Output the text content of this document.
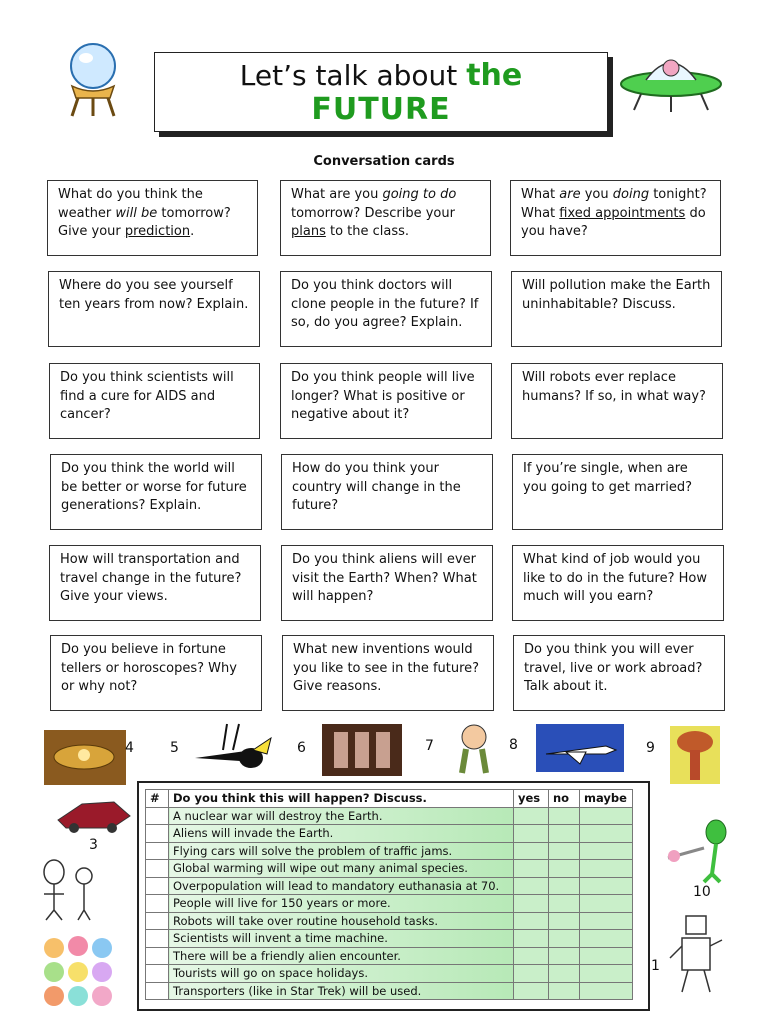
Let’s talk about the
FUTURE
Conversation cards
4	5	6	7	8	9
3
10
1
What do you think the weather will be tomorrow? Give your prediction.
What are you going to do tomorrow? Describe your plans to the class.
What are you doing tonight? What fixed appointments do you have?
Where do you see yourself ten years from now? Explain.
Do you think doctors will clone people in the future? If so, do you agree? Explain.
Will pollution make the Earth uninhabitable? Discuss.
Do you think scientists will find a cure for AIDS and cancer?
Do you think people will live longer? What is positive or negative about it?
Will robots ever replace humans? If so, in what way?
Do you think the world will be better or worse for future generations? Explain.
How do you think your country will change in the future?
If you’re single, when are you going to get married?
How will transportation and travel change in the future? Give your views.
Do you think aliens will ever visit the Earth? When? What will happen?
What kind of job would you like to do in the future? How much will you earn?
Do you believe in fortune tellers or horoscopes? Why or why not?
What new inventions would you like to see in the future? Give reasons.
Do you think you will ever travel, live or work abroad? Talk about it.
#	Do you think this will happen? Discuss.	yes	no	maybe
	A nuclear war will destroy the Earth.			
	Aliens will invade the Earth.			
	Flying cars will solve the problem of traffic jams.			
	Global warming will wipe out many animal species.			
	Overpopulation will lead to mandatory euthanasia at 70.			
	People will live for 150 years or more.			
	Robots will take over routine household tasks.			
	Scientists will invent a time machine.			
	There will be a friendly alien encounter.			
	Tourists will go on space holidays.			
	Transporters (like in Star Trek) will be used.			
